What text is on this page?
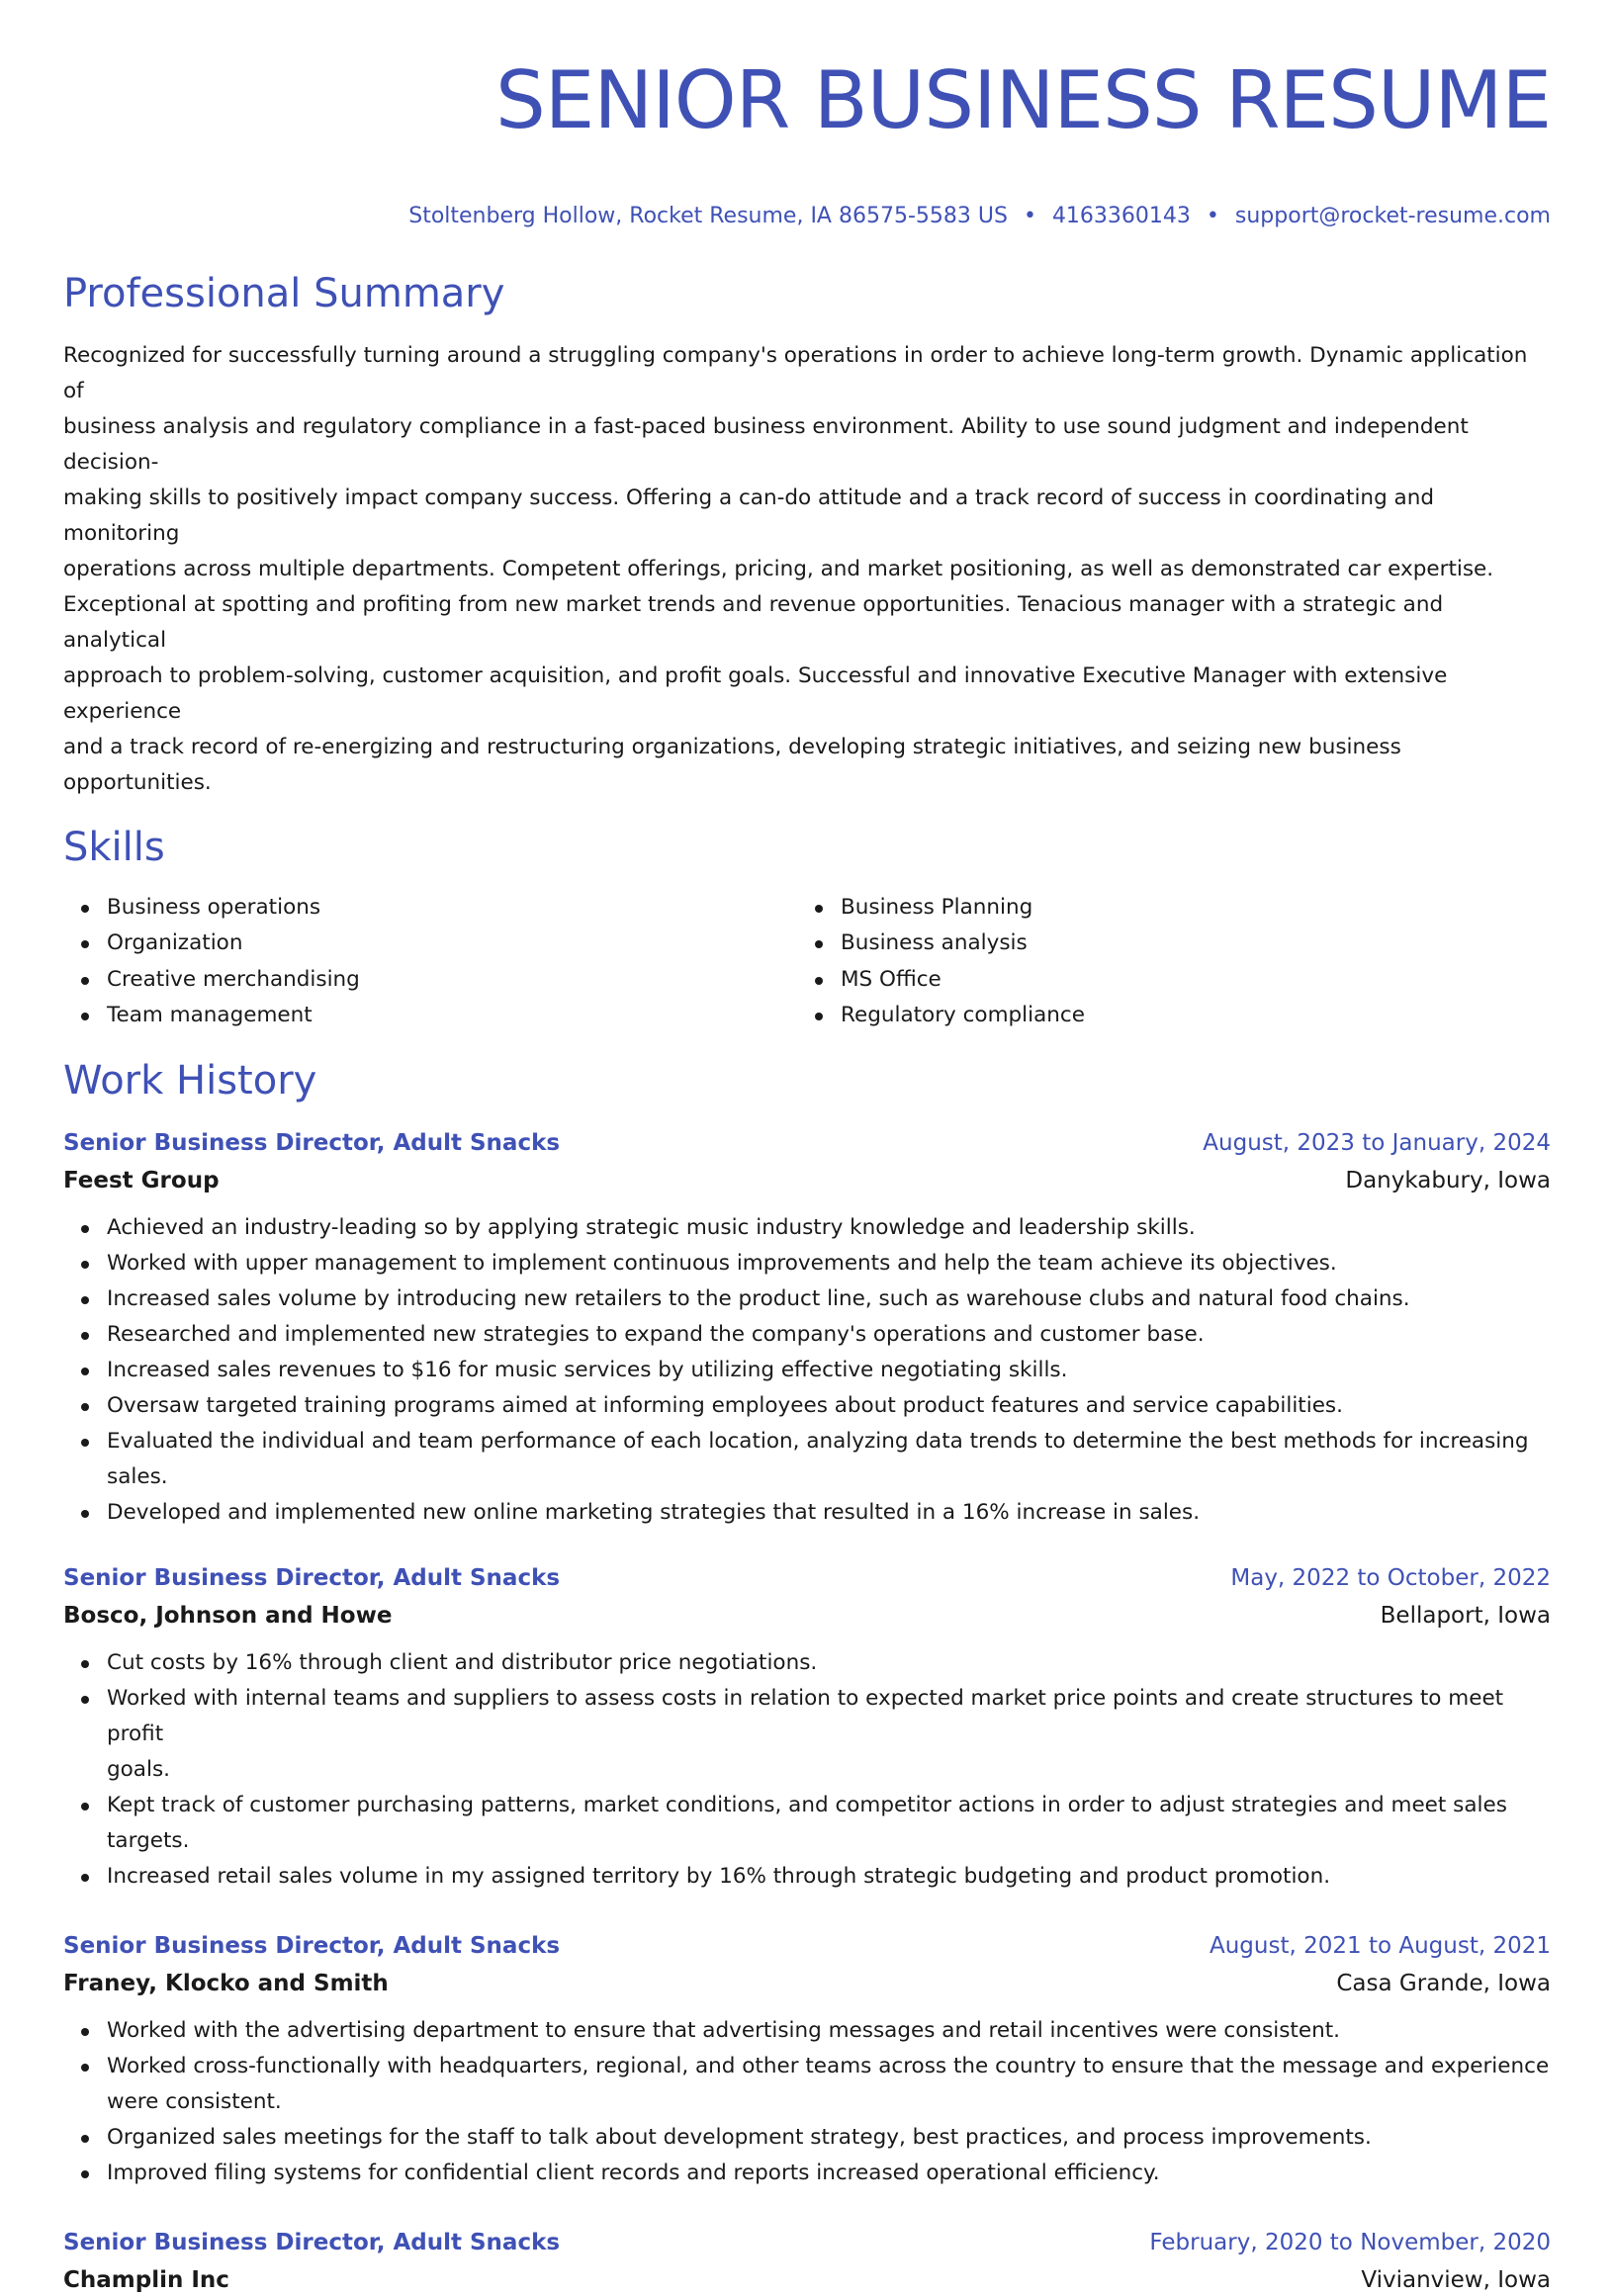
SENIOR BUSINESS RESUME
Stoltenberg Hollow, Rocket Resume, IA 86575-5583 US • 4163360143 • support@rocket-resume.com
Professional Summary
Recognized for successfully turning around a struggling company's operations in order to achieve long-term growth. Dynamic application of
business analysis and regulatory compliance in a fast-paced business environment. Ability to use sound judgment and independent decision-
making skills to positively impact company success. Offering a can-do attitude and a track record of success in coordinating and monitoring
operations across multiple departments. Competent offerings, pricing, and market positioning, as well as demonstrated car expertise.
Exceptional at spotting and profiting from new market trends and revenue opportunities. Tenacious manager with a strategic and analytical
approach to problem-solving, customer acquisition, and profit goals. Successful and innovative Executive Manager with extensive experience
and a track record of re-energizing and restructuring organizations, developing strategic initiatives, and seizing new business opportunities.
Skills
Business operations
Organization
Creative merchandising
Team management
Business Planning
Business analysis
MS Office
Regulatory compliance
Work History
Senior Business Director, Adult Snacks	August, 2023 to January, 2024
Feest Group	Danykabury, Iowa
Achieved an industry-leading so by applying strategic music industry knowledge and leadership skills.
Worked with upper management to implement continuous improvements and help the team achieve its objectives.
Increased sales volume by introducing new retailers to the product line, such as warehouse clubs and natural food chains.
Researched and implemented new strategies to expand the company's operations and customer base.
Increased sales revenues to $16 for music services by utilizing effective negotiating skills.
Oversaw targeted training programs aimed at informing employees about product features and service capabilities.
Evaluated the individual and team performance of each location, analyzing data trends to determine the best methods for increasing
sales.
Developed and implemented new online marketing strategies that resulted in a 16% increase in sales.
Senior Business Director, Adult Snacks	May, 2022 to October, 2022
Bosco, Johnson and Howe	Bellaport, Iowa
Cut costs by 16% through client and distributor price negotiations.
Worked with internal teams and suppliers to assess costs in relation to expected market price points and create structures to meet profit
goals.
Kept track of customer purchasing patterns, market conditions, and competitor actions in order to adjust strategies and meet sales
targets.
Increased retail sales volume in my assigned territory by 16% through strategic budgeting and product promotion.
Senior Business Director, Adult Snacks	August, 2021 to August, 2021
Franey, Klocko and Smith	Casa Grande, Iowa
Worked with the advertising department to ensure that advertising messages and retail incentives were consistent.
Worked cross-functionally with headquarters, regional, and other teams across the country to ensure that the message and experience
were consistent.
Organized sales meetings for the staff to talk about development strategy, best practices, and process improvements.
Improved filing systems for confidential client records and reports increased operational efficiency.
Senior Business Director, Adult Snacks	February, 2020 to November, 2020
Champlin Inc	Vivianview, Iowa
